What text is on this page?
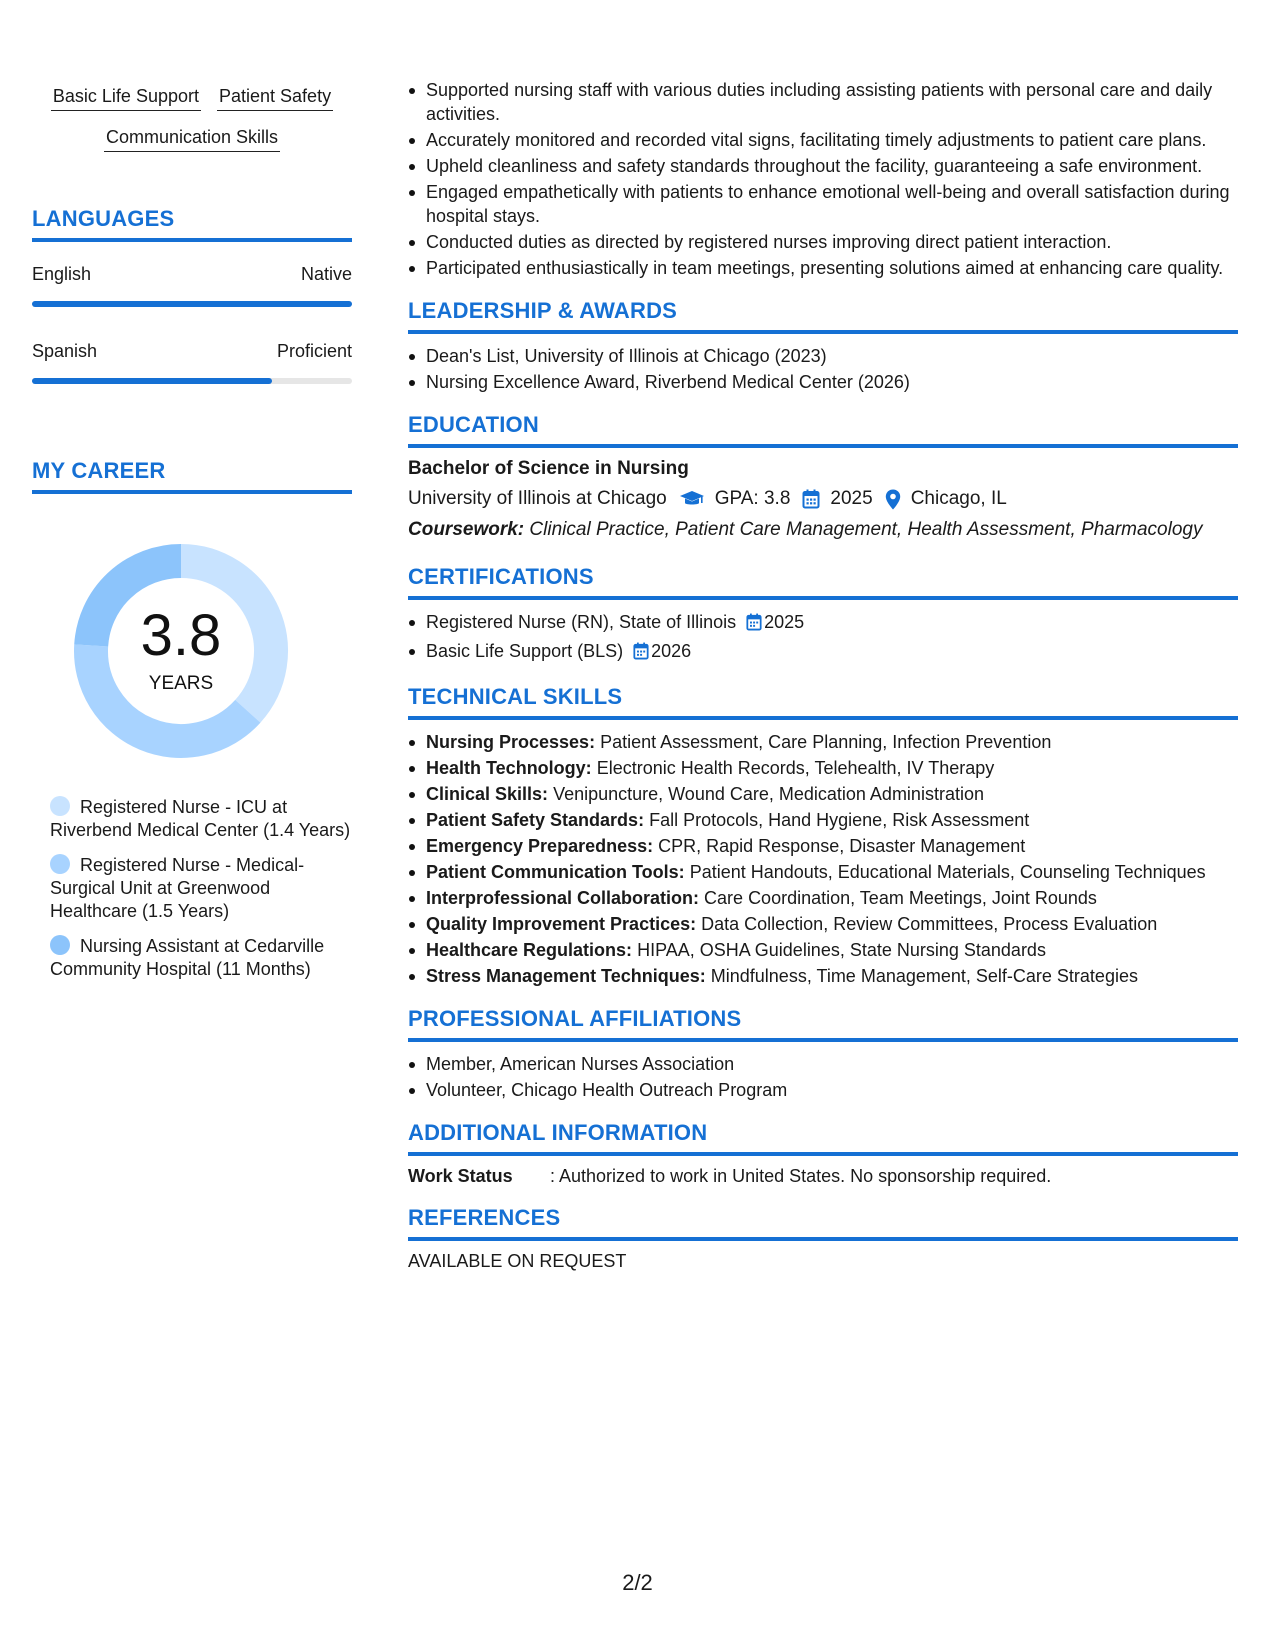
Basic Life Support Patient Safety
Communication Skills
LANGUAGES
English	Native
Spanish	Proficient
MY CAREER
3.8
YEARS
Registered Nurse - ICU at Riverbend Medical Center (1.4 Years)
Registered Nurse - Medical-Surgical Unit at Greenwood Healthcare (1.5 Years)
Nursing Assistant at Cedarville Community Hospital (11 Months)
Supported nursing staff with various duties including assisting patients with personal care and daily activities.
Accurately monitored and recorded vital signs, facilitating timely adjustments to patient care plans.
Upheld cleanliness and safety standards throughout the facility, guaranteeing a safe environment.
Engaged empathetically with patients to enhance emotional well-being and overall satisfaction during hospital stays.
Conducted duties as directed by registered nurses improving direct patient interaction.
Participated enthusiastically in team meetings, presenting solutions aimed at enhancing care quality.
LEADERSHIP & AWARDS
Dean's List, University of Illinois at Chicago (2023)
Nursing Excellence Award, Riverbend Medical Center (2026)
EDUCATION
Bachelor of Science in Nursing
University of Illinois at Chicago	GPA: 3.8 2025 Chicago, IL
Coursework: Clinical Practice, Patient Care Management, Health Assessment, Pharmacology
CERTIFICATIONS
Registered Nurse (RN), State of Illinois 2025
Basic Life Support (BLS) 2026
TECHNICAL SKILLS
Nursing Processes: Patient Assessment, Care Planning, Infection Prevention
Health Technology: Electronic Health Records, Telehealth, IV Therapy
Clinical Skills: Venipuncture, Wound Care, Medication Administration
Patient Safety Standards: Fall Protocols, Hand Hygiene, Risk Assessment
Emergency Preparedness: CPR, Rapid Response, Disaster Management
Patient Communication Tools: Patient Handouts, Educational Materials, Counseling Techniques
Interprofessional Collaboration: Care Coordination, Team Meetings, Joint Rounds
Quality Improvement Practices: Data Collection, Review Committees, Process Evaluation
Healthcare Regulations: HIPAA, OSHA Guidelines, State Nursing Standards
Stress Management Techniques: Mindfulness, Time Management, Self-Care Strategies
PROFESSIONAL AFFILIATIONS
Member, American Nurses Association
Volunteer, Chicago Health Outreach Program
ADDITIONAL INFORMATION
Work Status	: Authorized to work in United States. No sponsorship required.
REFERENCES
AVAILABLE ON REQUEST
2/2
